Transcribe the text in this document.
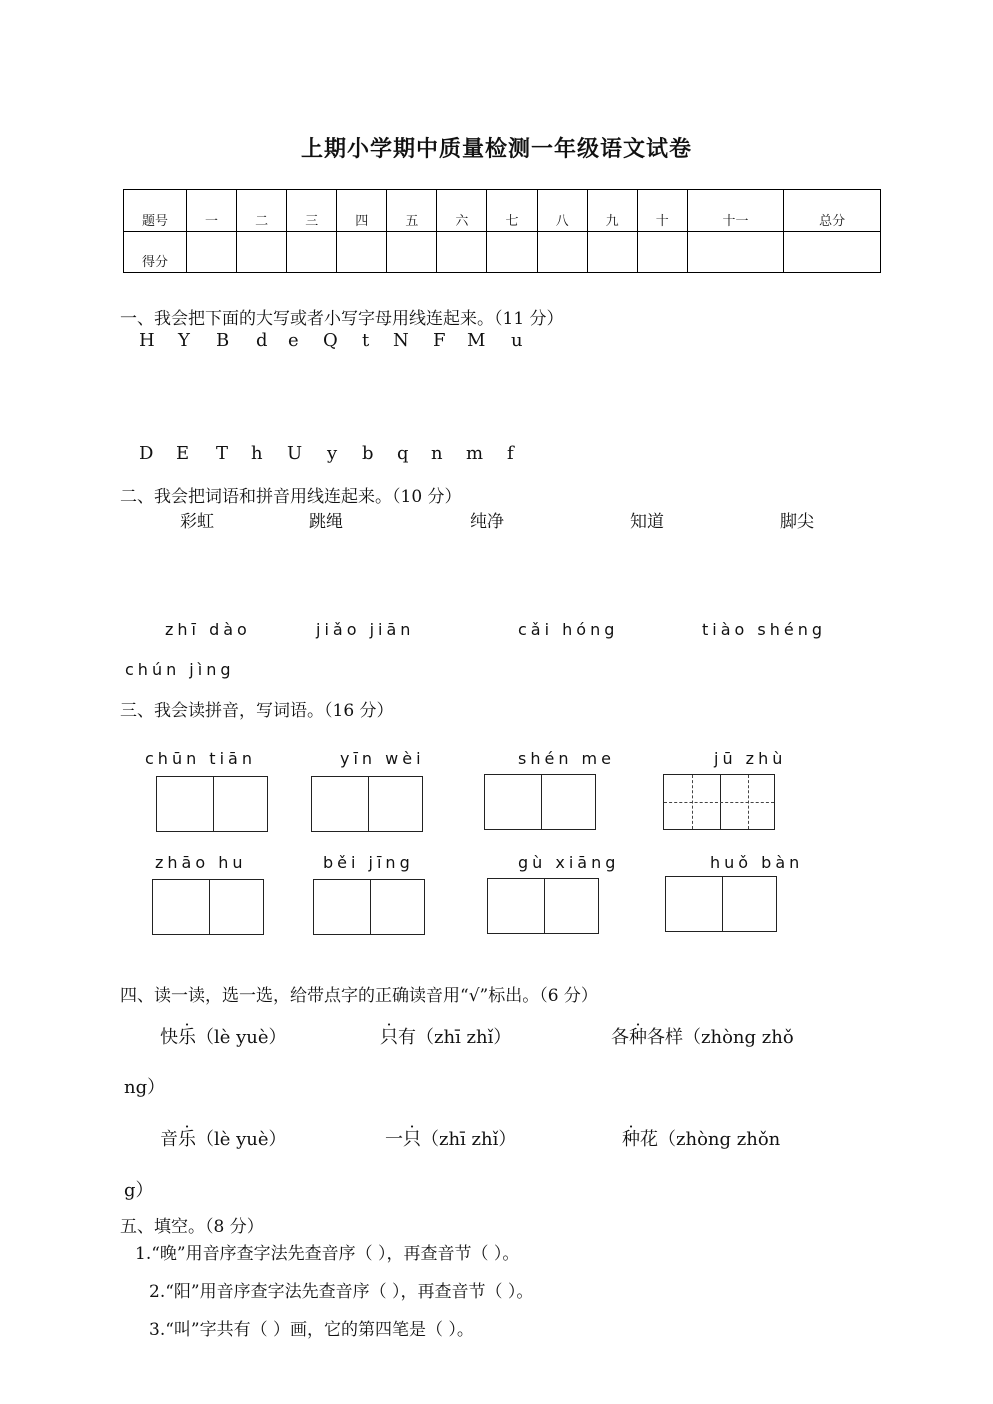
上期小学期中质量检测一年级语文试卷
题号	一	二	三	四	五	六	七	八	九	十	十一	总分
得分												
一、我会把下面的大写或者小写字母用线连起来。（11 分）
H Y B d e Q t N F M u
D E T h U y b q n m f
二、我会把词语和拼音用线连起来。（10 分）
彩虹	跳绳	纯净	知道	脚尖
zhī dào	jiǎo jiān	cǎi hóng	tiào shéng
chún jìng
三、我会读拼音，写词语。（16 分）
chūn tiān	yīn wèi	shén me	jū zhù
zhāo hu	běi jīng	gù xiāng	huǒ bàn
四、读一读，选一选，给带点字的正确读音用“√”标出。（6 分）
快乐（lè yuè）	只有（zhī zhǐ）	各种各样（zhòng zhǒ
ng）
音乐（lè yuè）	一只（zhī zhǐ）	种花（zhòng zhǒn
g）
五、填空。（8 分）
1.“晚”用音序查字法先查音序（ ），再查音节（ ）。
2.“阳”用音序查字法先查音序（ ），再查音节（ ）。
3.“叫”字共有（ ）画，它的第四笔是（ ）。
